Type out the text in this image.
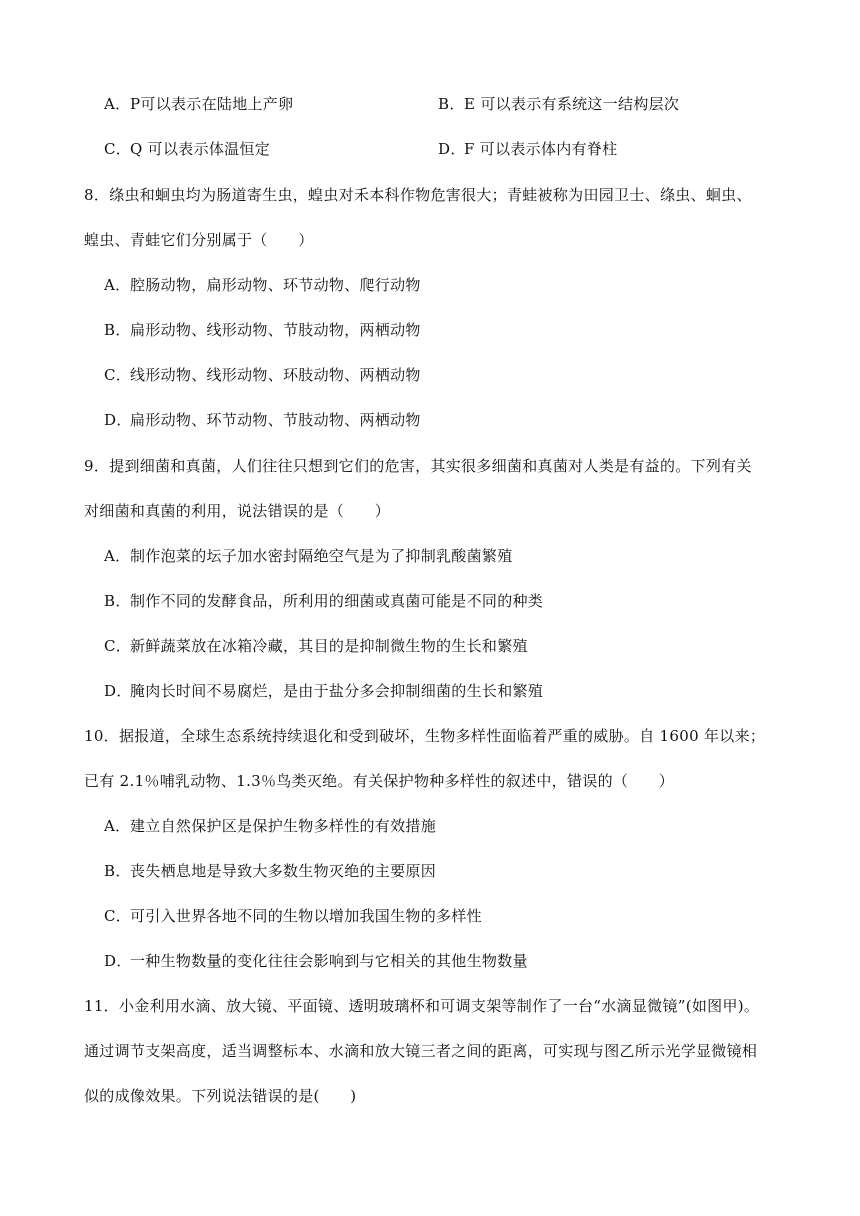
A．P可以表示在陆地上产卵	B．E 可以表示有系统这一结构层次
C．Q 可以表示体温恒定	D．F 可以表示体内有脊柱
8．绦虫和蛔虫均为肠道寄生虫，蝗虫对禾本科作物危害很大；青蛙被称为田园卫士、绦虫、蛔虫、
蝗虫、青蛙它们分别属于（　　）
A．腔肠动物，扁形动物、环节动物、爬行动物
B．扁形动物、线形动物、节肢动物，两栖动物
C．线形动物、线形动物、环肢动物、两栖动物
D．扁形动物、环节动物、节肢动物、两栖动物
9．提到细菌和真菌，人们往往只想到它们的危害，其实很多细菌和真菌对人类是有益的。下列有关
对细菌和真菌的利用，说法错误的是（　　）
A．制作泡菜的坛子加水密封隔绝空气是为了抑制乳酸菌繁殖
B．制作不同的发酵食品，所利用的细菌或真菌可能是不同的种类
C．新鲜蔬菜放在冰箱冷藏，其目的是抑制微生物的生长和繁殖
D．腌肉长时间不易腐烂，是由于盐分多会抑制细菌的生长和繁殖
10．据报道，全球生态系统持续退化和受到破坏，生物多样性面临着严重的威胁。自 1600 年以来；
已有 2.1％哺乳动物、1.3％鸟类灭绝。有关保护物种多样性的叙述中，错误的（　　）
A．建立自然保护区是保护生物多样性的有效措施
B．丧失栖息地是导致大多数生物灭绝的主要原因
C．可引入世界各地不同的生物以增加我国生物的多样性
D．一种生物数量的变化往往会影响到与它相关的其他生物数量
11．小金利用水滴、放大镜、平面镜、透明玻璃杯和可调支架等制作了一台“水滴显微镜”(如图甲)。
通过调节支架高度，适当调整标本、水滴和放大镜三者之间的距离，可实现与图乙所示光学显微镜相
似的成像效果。下列说法错误的是(　　)
